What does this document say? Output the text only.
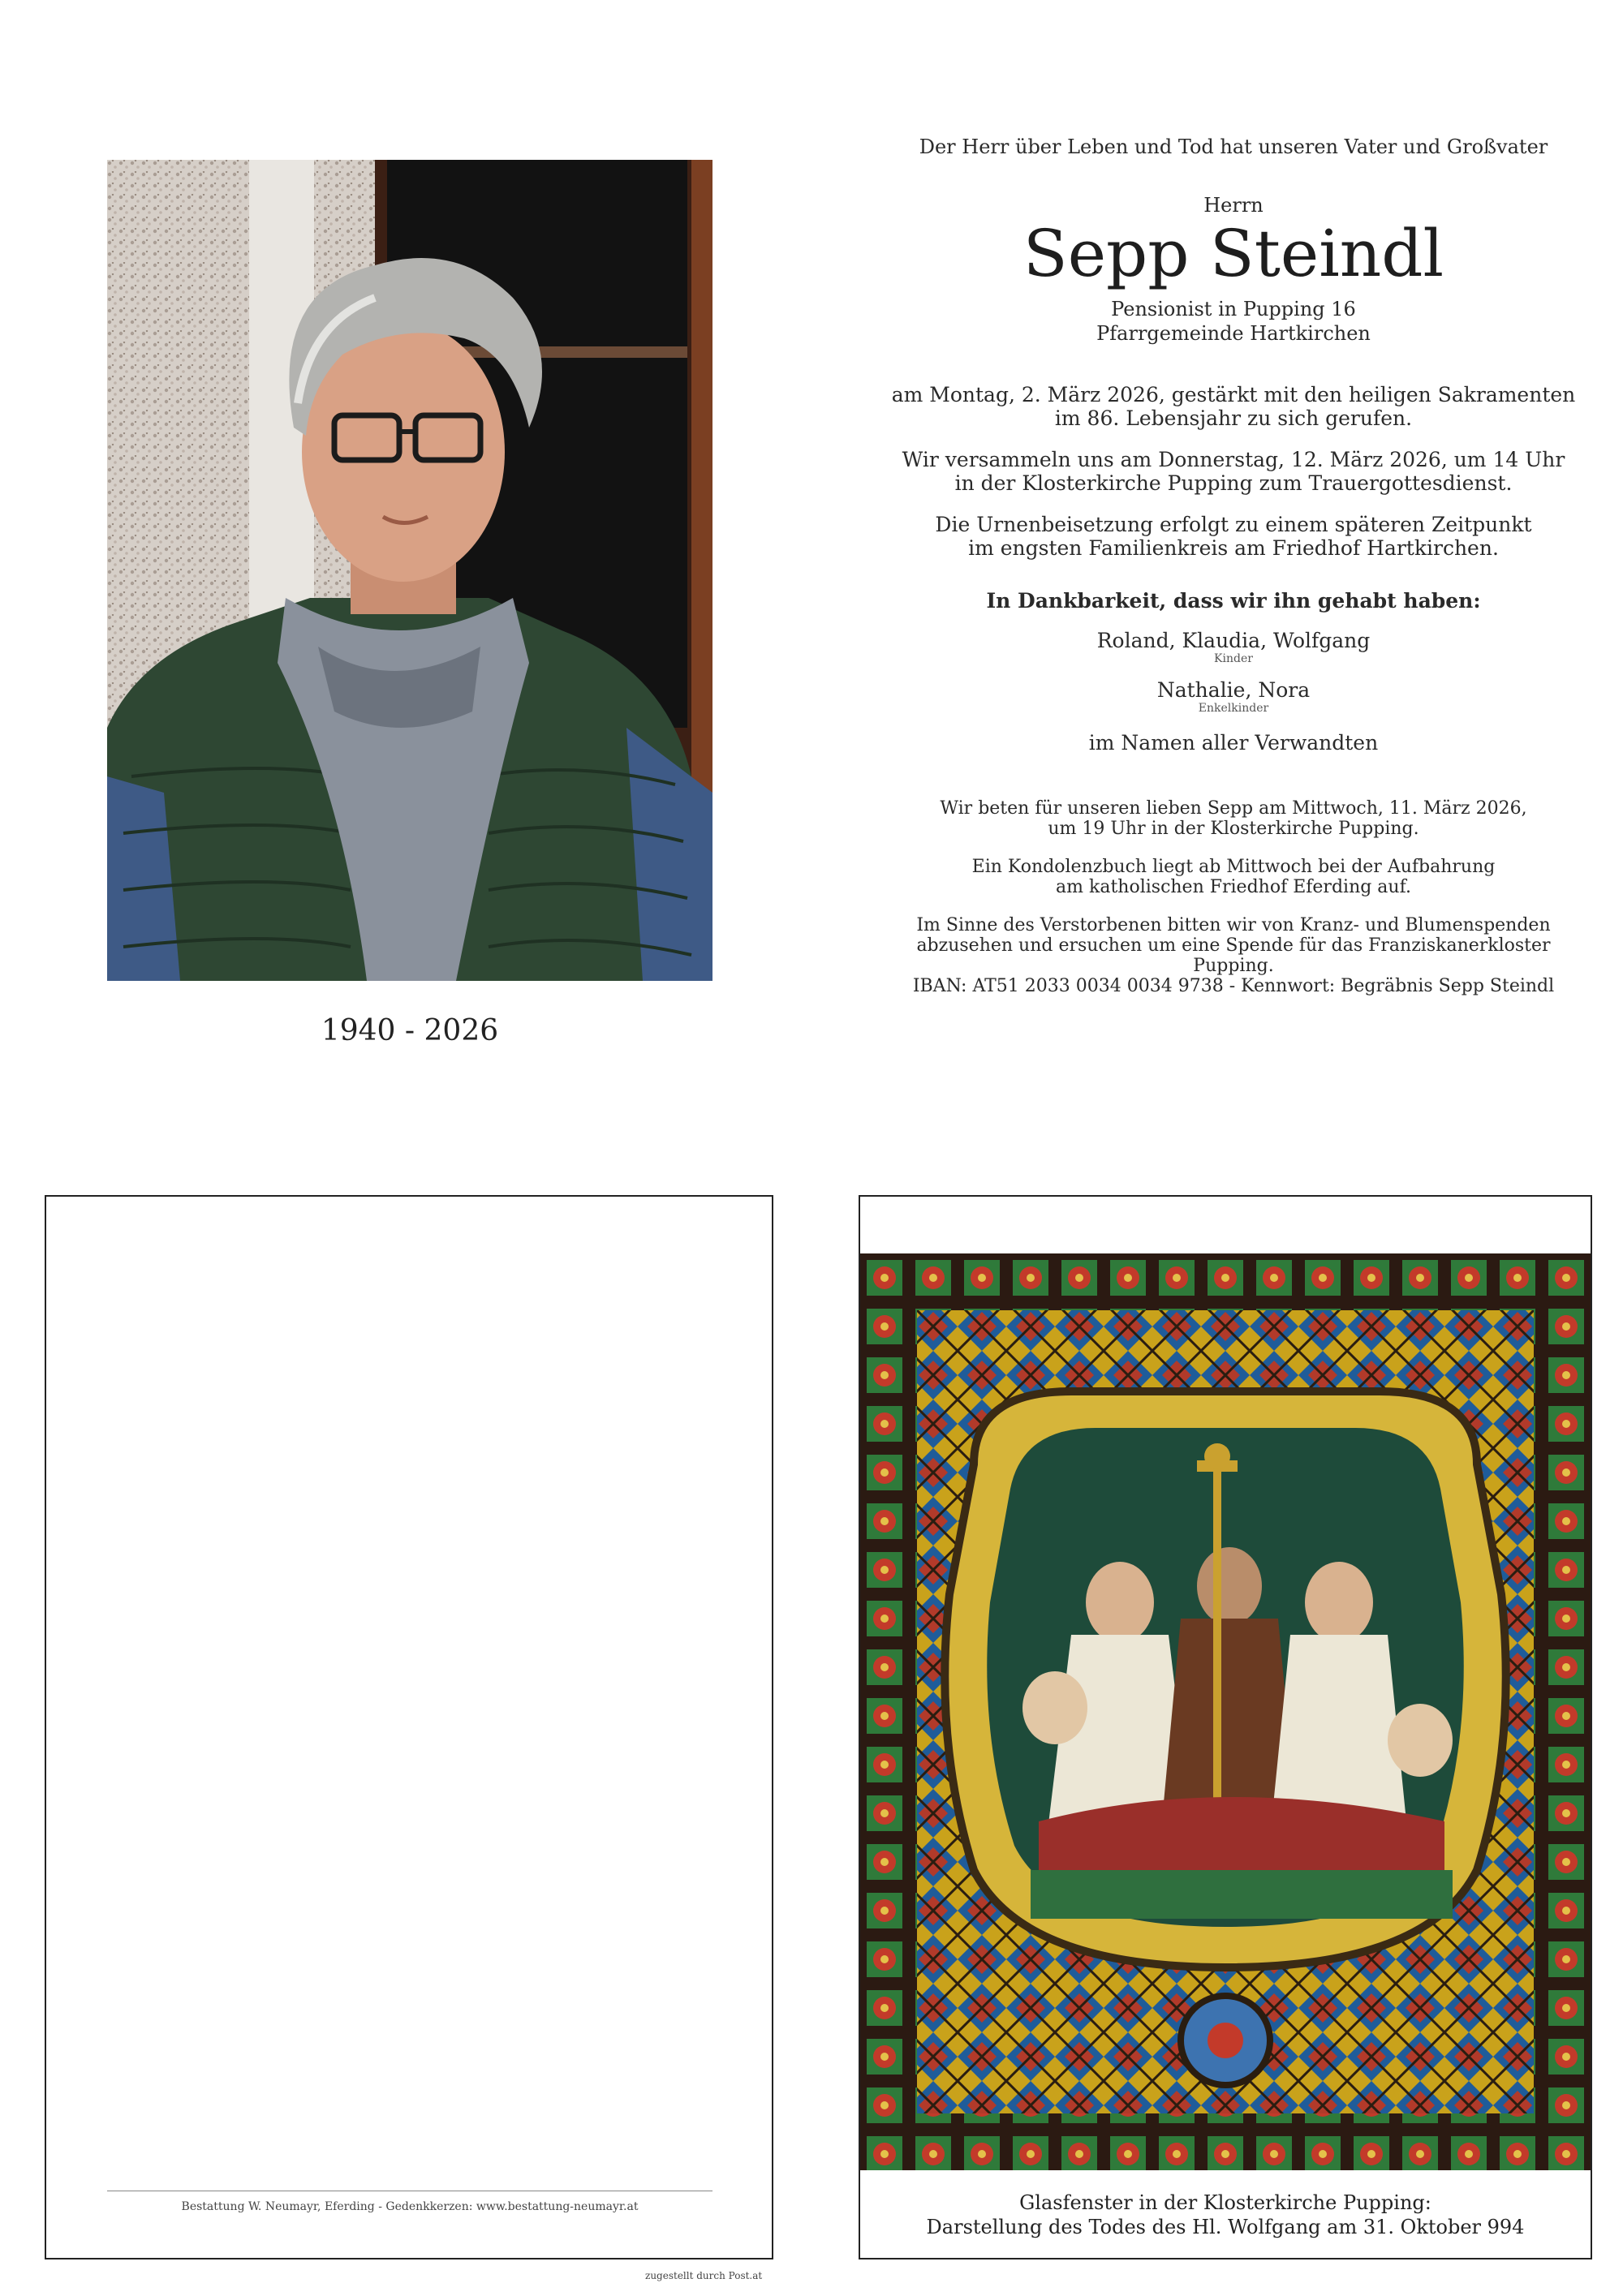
1940 - 2026

Der Herr über Leben und Tod hat unseren Vater und Großvater

Herrn

Sepp Steindl

Pensionist in Pupping 16

Pfarrgemeinde Hartkirchen

am Montag, 2. März 2026, gestärkt mit den heiligen Sakramenten

im 86. Lebensjahr zu sich gerufen.

Wir versammeln uns am Donnerstag, 12. März 2026, um 14 Uhr

in der Klosterkirche Pupping zum Trauergottesdienst.

Die Urnenbeisetzung erfolgt zu einem späteren Zeitpunkt

im engsten Familienkreis am Friedhof Hartkirchen.

In Dankbarkeit, dass wir ihn gehabt haben:

Roland, Klaudia, Wolfgang

Kinder

Nathalie, Nora

Enkelkinder

im Namen aller Verwandten

Wir beten für unseren lieben Sepp am Mittwoch, 11. März 2026,

um 19 Uhr in der Klosterkirche Pupping.

Ein Kondolenzbuch liegt ab Mittwoch bei der Aufbahrung

am katholischen Friedhof Eferding auf.

Im Sinne des Verstorbenen bitten wir von Kranz- und Blumenspenden

abzusehen und ersuchen um eine Spende für das Franziskanerkloster Pupping.

IBAN: AT51 2033 0034 0034 9738 - Kennwort: Begräbnis Sepp Steindl

Bestattung W. Neumayr, Eferding - Gedenkkerzen: www.bestattung-neumayr.at
zugestellt durch Post.at
Glasfenster in der Klosterkirche Pupping:
Darstellung des Todes des Hl. Wolfgang am 31. Oktober 994
